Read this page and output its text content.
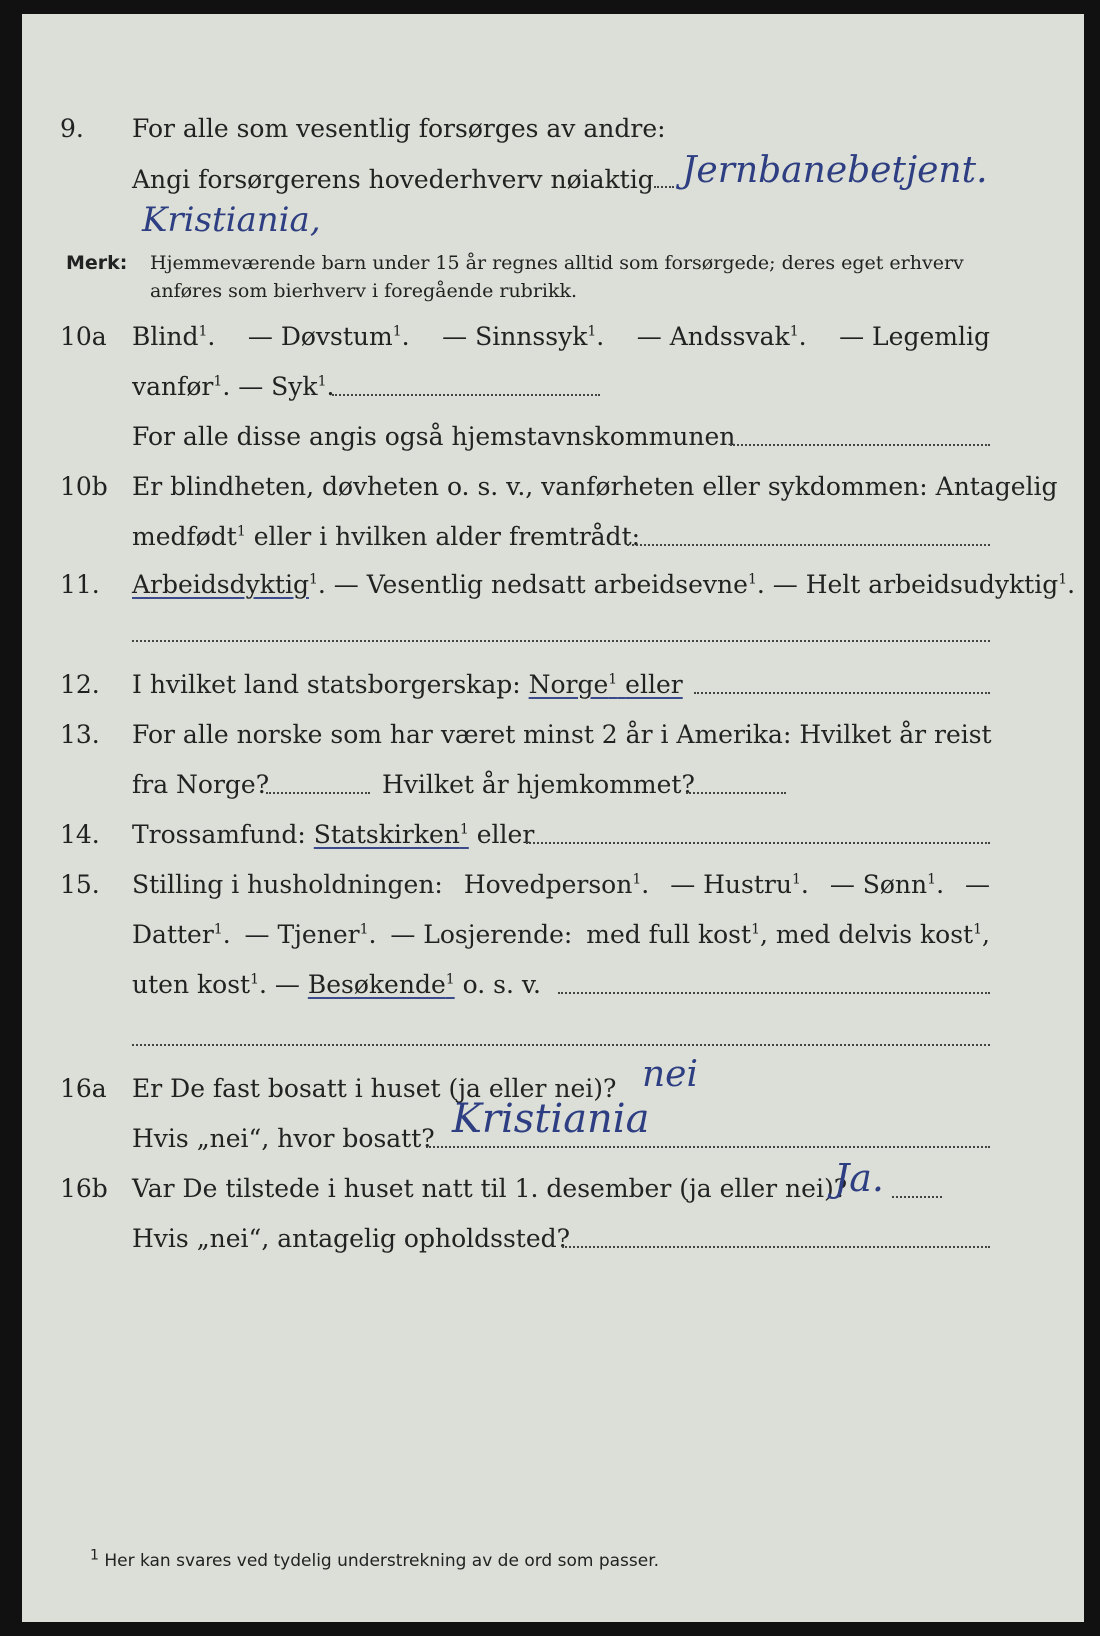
9. For alle som vesentlig forsørges av andre:
Angi forsørgerens hovederhverv nøiaktig Jernbanebetjent.
Kristiania,
Merk: Hjemmeværende barn under 15 år regnes alltid som forsørgede; deres eget erhverv
anføres som bierhverv i foregående rubrikk.
10a Blind$^1$. — Døvstum$^1$. — Sinnssyk$^1$. — Andssvak$^1$. — Legemlig
vanfør$^1$. — Syk$^1$.
For alle disse angis også hjemstavnskommunen
10b Er blindheten, døvheten o. s. v., vanførheten eller sykdommen: Antagelig
medfødt$^1$ eller i hvilken alder fremtrådt:
11. Arbeidsdyktig$^1$. — Vesentlig nedsatt arbeidsevne$^1$. — Helt arbeidsudyktig$^1$.
12. I hvilket land statsborgerskap: Norge$^1$ eller
13. For alle norske som har været minst 2 år i Amerika: Hvilket år reist
fra Norge?	Hvilket år hjemkommet?
14. Trossamfund: Statskirken$^1$ eller
15. Stilling i husholdningen: Hovedperson$^1$. — Hustru$^1$. — Sønn$^1$. —
Datter$^1$. — Tjener$^1$. — Losjerende: med full kost$^1$, med delvis kost$^1$,
uten kost$^1$. — Besøkende$^1$ o. s. v.
16a Er De fast bosatt i huset (ja eller nei)? nei
Hvis „nei“, hvor bosatt? Kristiania
16b Var De tilstede i huset natt til 1. desember (ja eller nei)?
Ja.
Hvis „nei“, antagelig opholdssted?
$^1$ Her kan svares ved tydelig understrekning av de ord som passer.
